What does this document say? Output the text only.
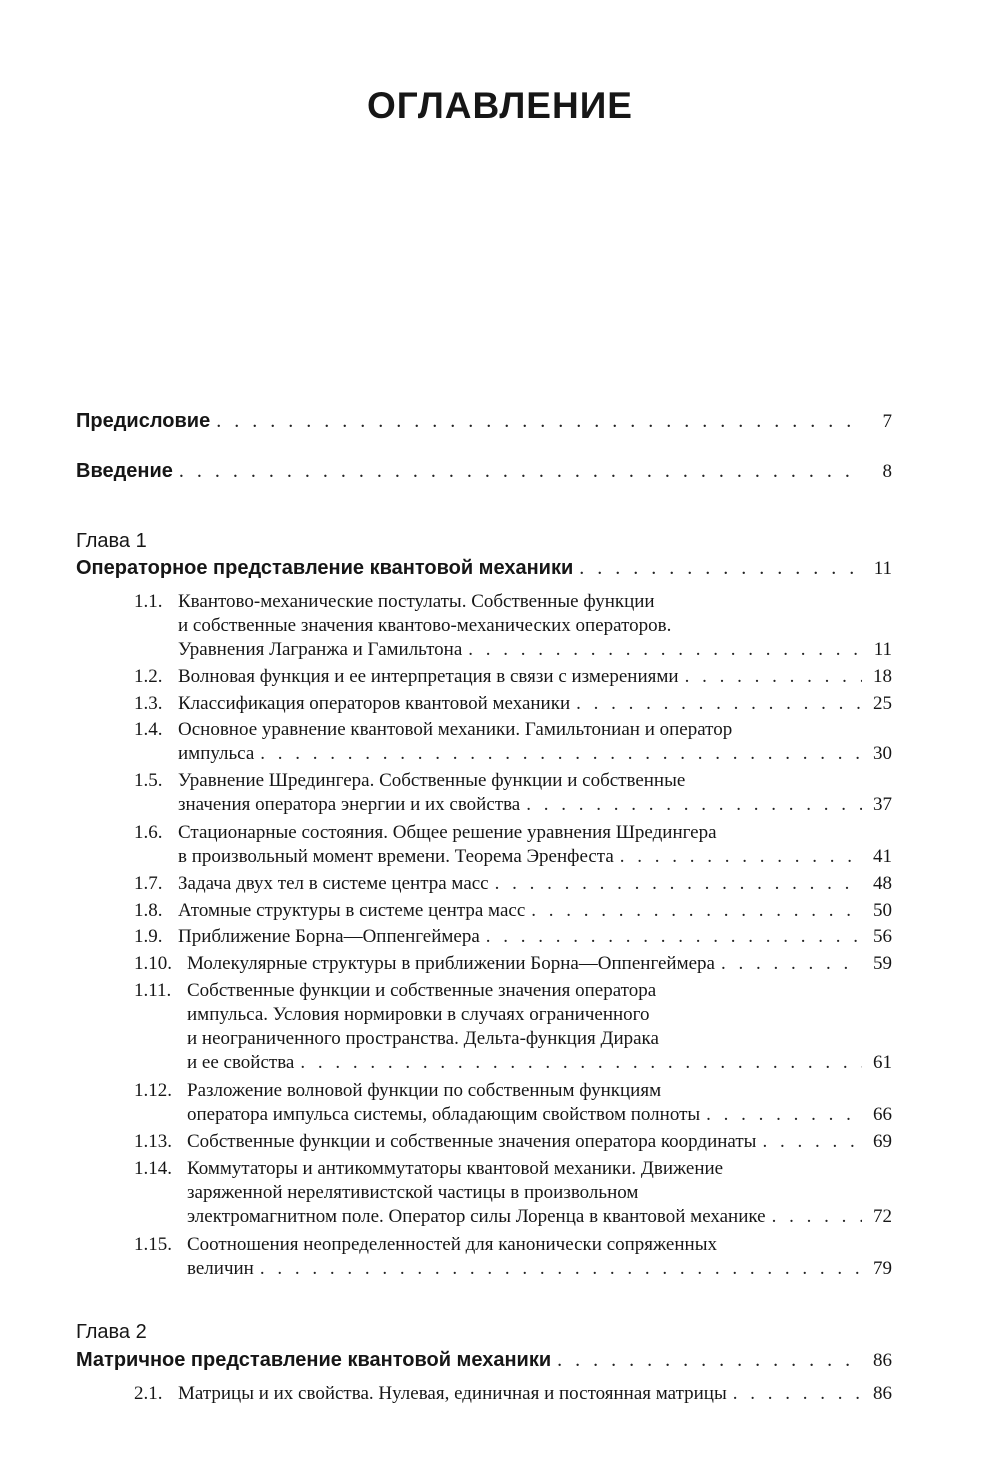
ОГЛАВЛЕНИЕ
Предисловие . . .	7
Введение . . .	8
Глава 1
Операторное представление квантовой механики . . .	11
1.1. Квантово-механические постулаты. Собственные функции
и собственные значения квантово-механических операторов.
Уравнения Лагранжа и Гамильтона . . .	11
1.2. Волновая функция и ее интерпретация в связи с измерениями . . .	18
1.3. Классификация операторов квантовой механики . . .	25
1.4. Основное уравнение квантовой механики. Гамильтониан и оператор
импульса . . .	30
1.5. Уравнение Шредингера. Собственные функции и собственные
значения оператора энергии и их свойства . . .	37
1.6. Стационарные состояния. Общее решение уравнения Шредингера
в произвольный момент времени. Теорема Эренфеста . . .	41
1.7. Задача двух тел в системе центра масс . . .	48
1.8. Атомные структуры в системе центра масс . . .	50
1.9. Приближение Борна—Оппенгеймера . . .	56
1.10. Молекулярные структуры в приближении Борна—Оппенгеймера . . .	59
1.11. Собственные функции и собственные значения оператора
импульса. Условия нормировки в случаях ограниченного
и неограниченного пространства. Дельта-функция Дирака
и ее свойства . . .	61
1.12. Разложение волновой функции по собственным функциям
оператора импульса системы, обладающим свойством полноты . . .	66
1.13. Собственные функции и собственные значения оператора координаты . . .	69
1.14. Коммутаторы и антикоммутаторы квантовой механики. Движение
заряженной нерелятивистской частицы в произвольном
электромагнитном поле. Оператор силы Лоренца в квантовой механике . . .	72
1.15. Соотношения неопределенностей для канонически сопряженных
величин . . .	79
Глава 2
Матричное представление квантовой механики . . .	86
2.1. Матрицы и их свойства. Нулевая, единичная и постоянная матрицы . . .	86
